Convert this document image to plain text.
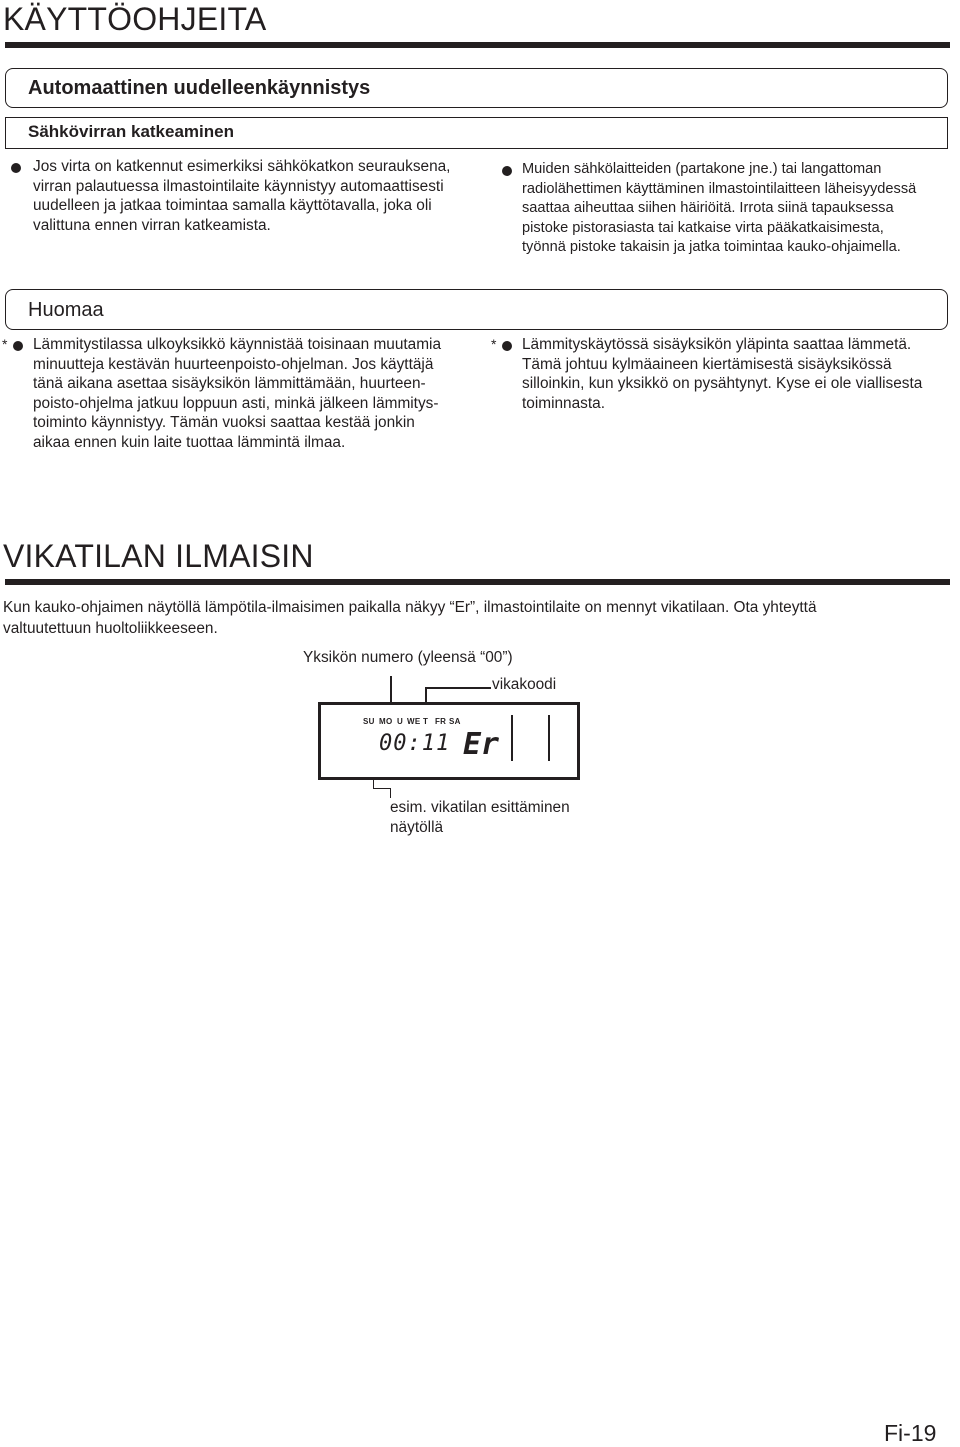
KÄYTTÖOHJEITA
Automaattinen uudelleenkäynnistys
Sähkövirran katkeaminen
Jos virta on katkennut esimerkiksi sähkökatkon seurauksena,
virran palautuessa ilmastointilaite käynnistyy automaattisesti
uudelleen ja jatkaa toimintaa samalla käyttötavalla, joka oli
valittuna ennen virran katkeamista.
Muiden sähkölaitteiden (partakone jne.) tai langattoman
radiolähettimen käyttäminen ilmastointilaitteen läheisyydessä
saattaa aiheuttaa siihen häiriöitä. Irrota siinä tapauksessa
pistoke pistorasiasta tai katkaise virta pääkatkaisimesta,
työnnä pistoke takaisin ja jatka toimintaa kauko-ohjaimella.
Huomaa
* Lämmitystilassa ulkoyksikkö käynnistää toisinaan muutamia
minuutteja kestävän huurteenpoisto-ohjelman. Jos käyttäjä
tänä aikana asettaa sisäyksikön lämmittämään, huurteen-
poisto-ohjelma jatkuu loppuun asti, minkä jälkeen lämmitys-
toiminto käynnistyy. Tämän vuoksi saattaa kestää jonkin
aikaa ennen kuin laite tuottaa lämmintä ilmaa.
* Lämmityskäytössä sisäyksikön yläpinta saattaa lämmetä.
Tämä johtuu kylmäaineen kiertämisestä sisäyksikössä
silloinkin, kun yksikkö on pysähtynyt. Kyse ei ole viallisesta
toiminnasta.
VIKATILAN ILMAISIN
Kun kauko-ohjaimen näytöllä lämpötila-ilmaisimen paikalla näkyy “Er”, ilmastointilaite on mennyt vikatilaan. Ota yhteyttä
valtuutettuun huoltoliikkeeseen.
Yksikön numero (yleensä “00”)
vikakoodi
SU MO U WE T FR SA
00:11 Er
esim. vikatilan esittäminen
näytöllä
Fi-19
